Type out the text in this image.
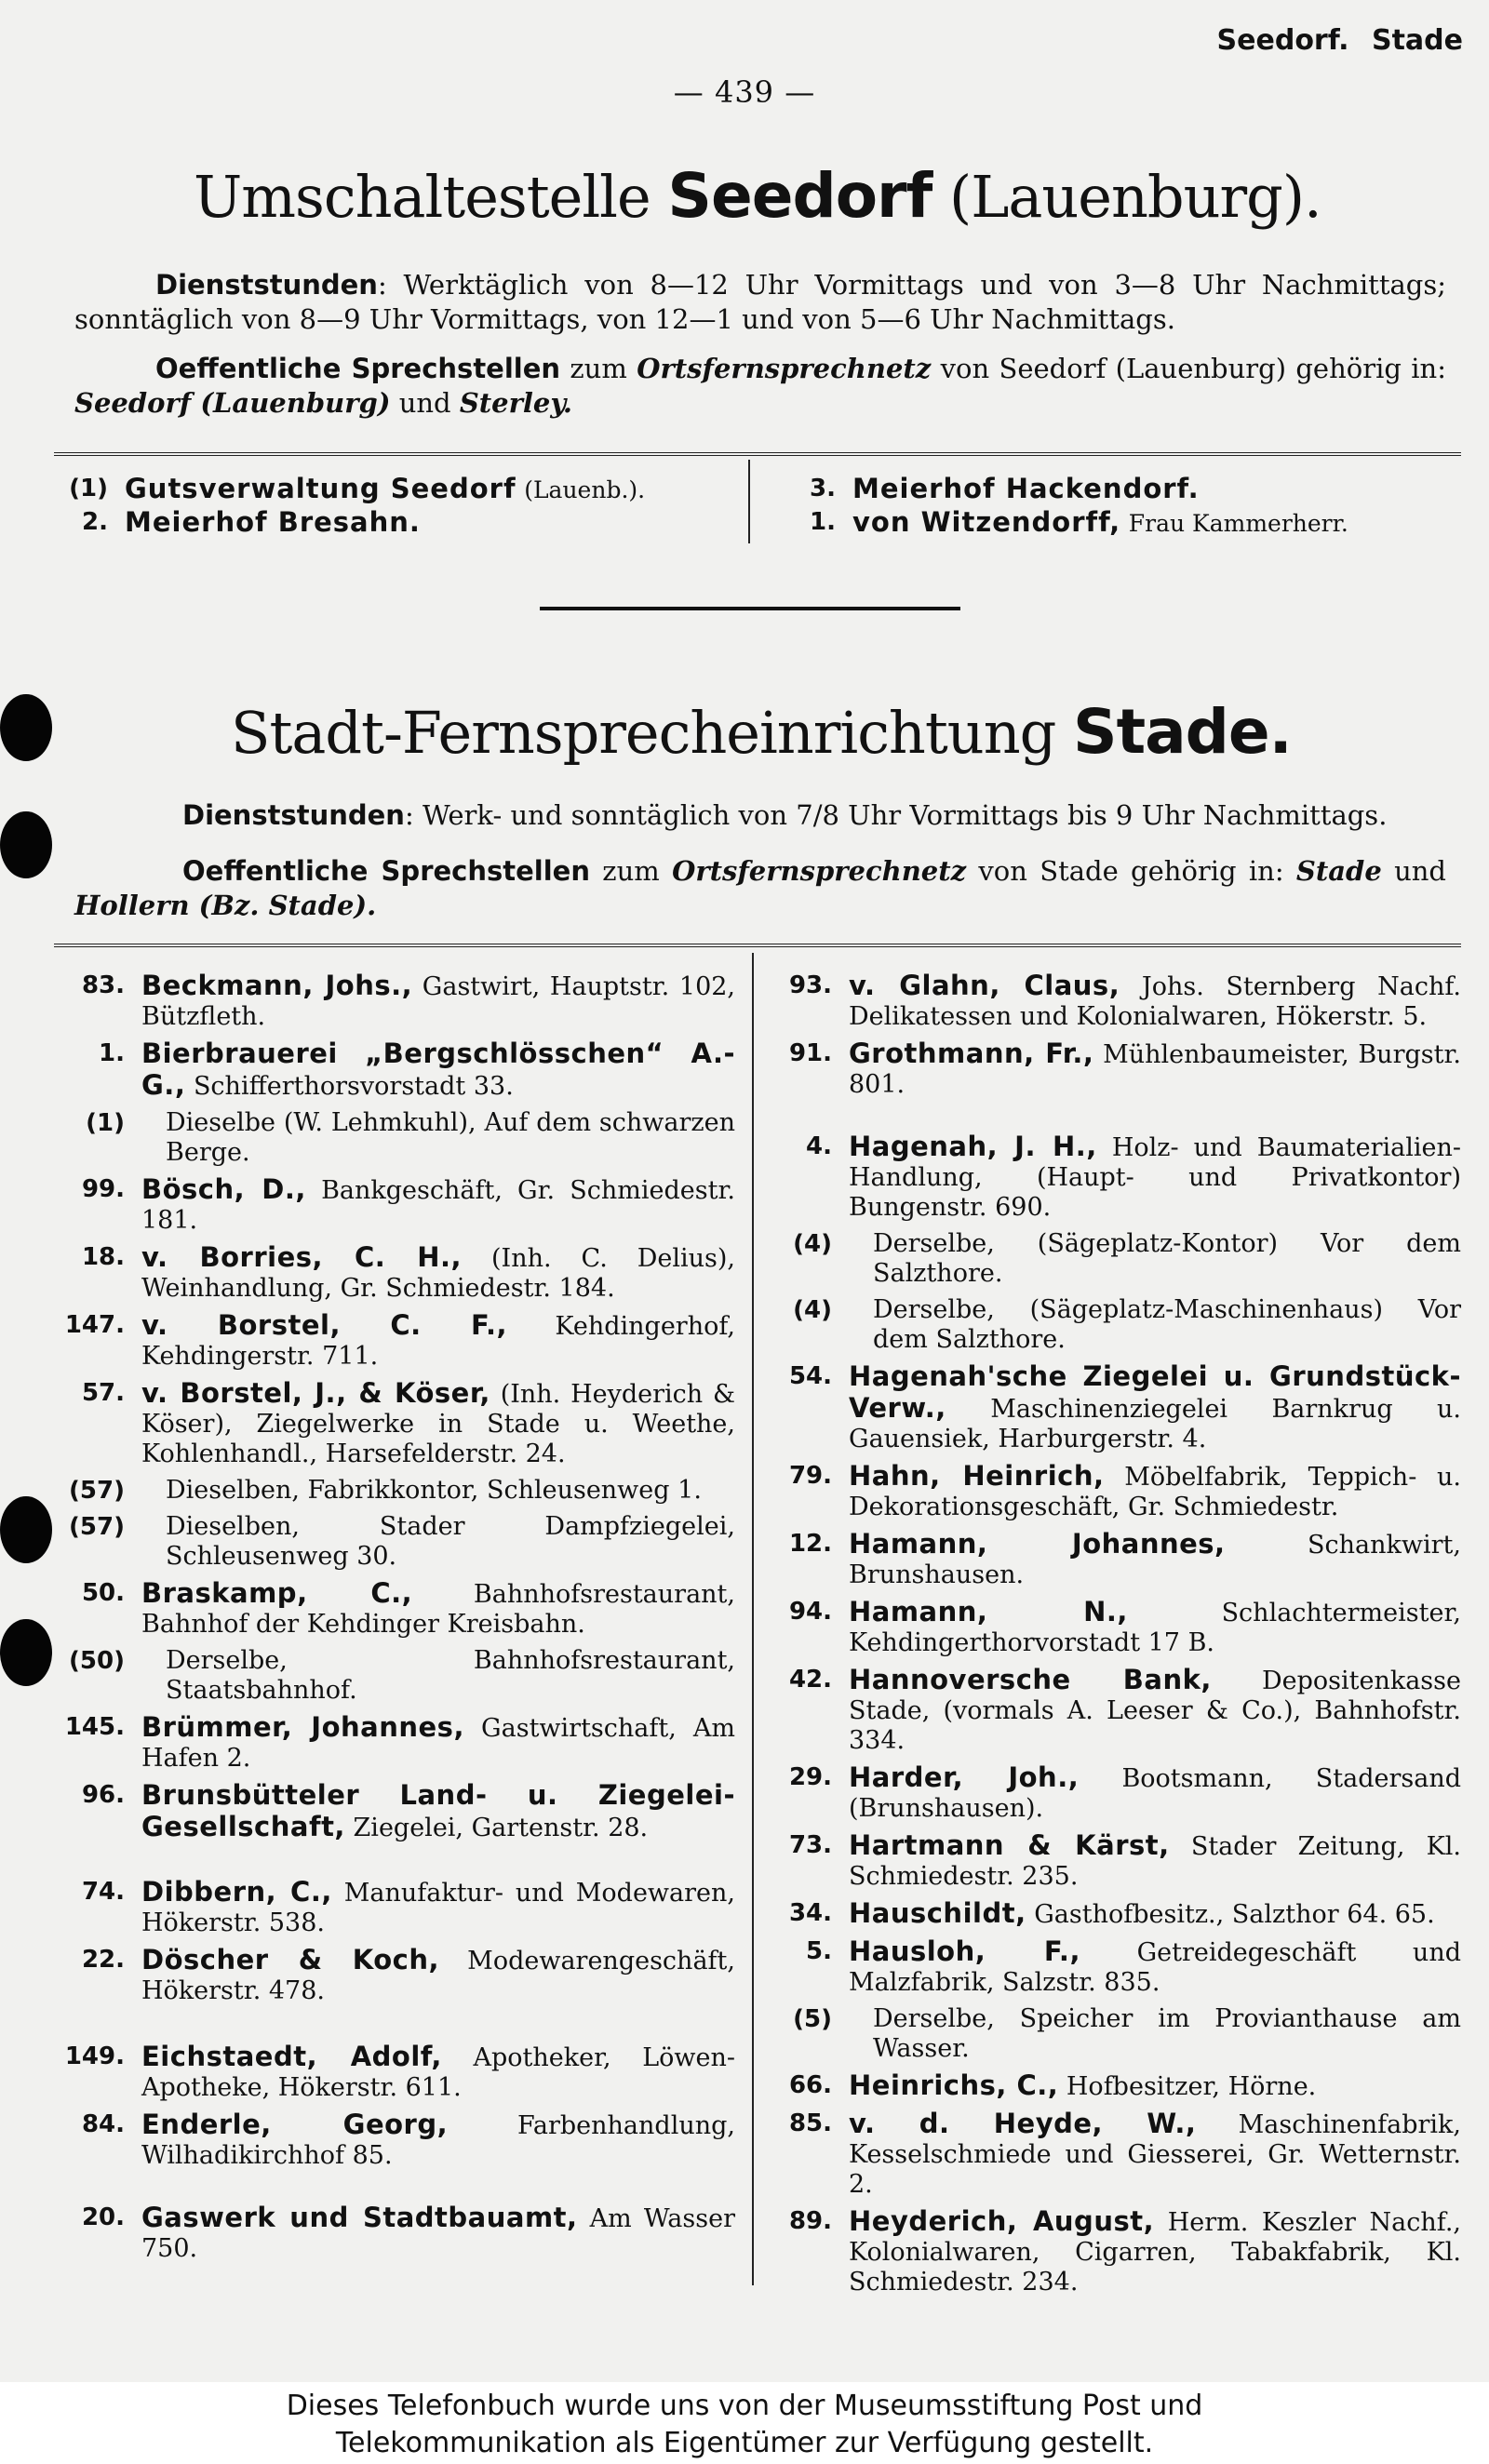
Seedorf. Stade
— 439 —
Umschaltestelle Seedorf (Lauenburg).
   Dienststunden: Werktäglich von 8—12 Uhr Vormittags und von 3—8 Uhr Nachmittags; sonntäglich von 8—9 Uhr Vormittags, von 12—1 und von 5—6 Uhr Nachmittags.
   Oeffentliche Sprechstellen zum Ortsfernsprechnetz von Seedorf (Lauenburg) gehörig in: Seedorf (Lauenburg) und Sterley.
(1) Gutsverwaltung Seedorf (Lauenb.).
2. Meierhof Bresahn.
3. Meierhof Hackendorf.
1. von Witzendorff, Frau Kammerherr.
Stadt-Fernsprecheinrichtung Stade.
    Dienststunden: Werk- und sonntäglich von 7/8 Uhr Vormittags bis 9 Uhr Nachmittags.
    Oeffentliche Sprechstellen zum Ortsfernsprechnetz von Stade gehörig in: Stade und Hollern (Bz. Stade).
83. Beckmann, Johs., Gastwirt, Hauptstr. 102, Bützfleth.
1. Bierbrauerei „Bergschlösschen“ A.-G., Schifferthorsvorstadt 33.
(1)	Dieselbe (W. Lehmkuhl), Auf dem schwarzen Berge.
99. Bösch, D., Bankgeschäft, Gr. Schmiedestr. 181.
18. v. Borries, C. H., (Inh. C. Delius), Weinhandlung, Gr. Schmiedestr. 184.
147. v. Borstel, C. F., Kehdingerhof, Kehdingerstr. 711.
57. v. Borstel, J., & Köser, (Inh. Heyderich & Köser), Ziegelwerke in Stade u. Weethe, Kohlenhandl., Harsefelderstr. 24.
(57)	Dieselben, Fabrikkontor, Schleusenweg 1.
(57)	Dieselben, Stader Dampfziegelei, Schleusenweg 30.
50. Braskamp, C., Bahnhofsrestaurant, Bahnhof der Kehdinger Kreisbahn.
(50)	Derselbe, Bahnhofsrestaurant, Staatsbahnhof.
145. Brümmer, Johannes, Gastwirtschaft, Am Hafen 2.
96. Brunsbütteler Land- u. Ziegelei-Gesellschaft, Ziegelei, Gartenstr. 28.
74. Dibbern, C., Manufaktur- und Modewaren, Hökerstr. 538.
22. Döscher & Koch, Modewarengeschäft, Hökerstr. 478.
149. Eichstaedt, Adolf, Apotheker, Löwen-Apotheke, Hökerstr. 611.
84. Enderle, Georg,	Farbenhandlung, Wilhadikirchhof 85.
20. Gaswerk und Stadtbauamt, Am Wasser 750.
93. v. Glahn, Claus, Johs. Sternberg Nachf. Delikatessen und Kolonialwaren, Hökerstr. 5.
91. Grothmann, Fr., Mühlenbaumeister, Burgstr. 801.
4. Hagenah, J. H., Holz- und Baumaterialien-Handlung, (Haupt- und Privatkontor) Bungenstr. 690.
(4)	Derselbe, (Sägeplatz-Kontor) Vor dem Salzthore.
(4)	Derselbe, (Sägeplatz-Maschinenhaus) Vor dem Salzthore.
54. Hagenah'sche Ziegelei u. Grundstück-Verw., Maschinenziegelei Barnkrug u. Gauensiek, Harburgerstr. 4.
79. Hahn, Heinrich, Möbelfabrik, Teppich- u. Dekorationsgeschäft, Gr. Schmiedestr.
12. Hamann, Johannes,	Schankwirt, Brunshausen.
94. Hamann, N.,	Schlachtermeister, Kehdingerthorvorstadt 17 B.
42. Hannoversche Bank, Depositenkasse Stade, (vormals A. Leeser & Co.), Bahnhofstr. 334.
29. Harder, Joh., Bootsmann, Stadersand (Brunshausen).
73. Hartmann & Kärst, Stader Zeitung, Kl. Schmiedestr. 235.
34. Hauschildt, Gasthofbesitz., Salzthor 64. 65.
5. Hausloh, F., Getreidegeschäft und Malzfabrik, Salzstr. 835.
(5)	Derselbe, Speicher im Provianthause am Wasser.
66. Heinrichs, C., Hofbesitzer, Hörne.
85. v. d. Heyde, W., Maschinenfabrik, Kesselschmiede und Giesserei, Gr. Wetternstr. 2.
89. Heyderich, August, Herm. Keszler Nachf., Kolonialwaren, Cigarren, Tabakfabrik, Kl. Schmiedestr. 234.
Dieses Telefonbuch wurde uns von der Museumsstiftung Post und
Telekommunikation als Eigentümer zur Verfügung gestellt.
